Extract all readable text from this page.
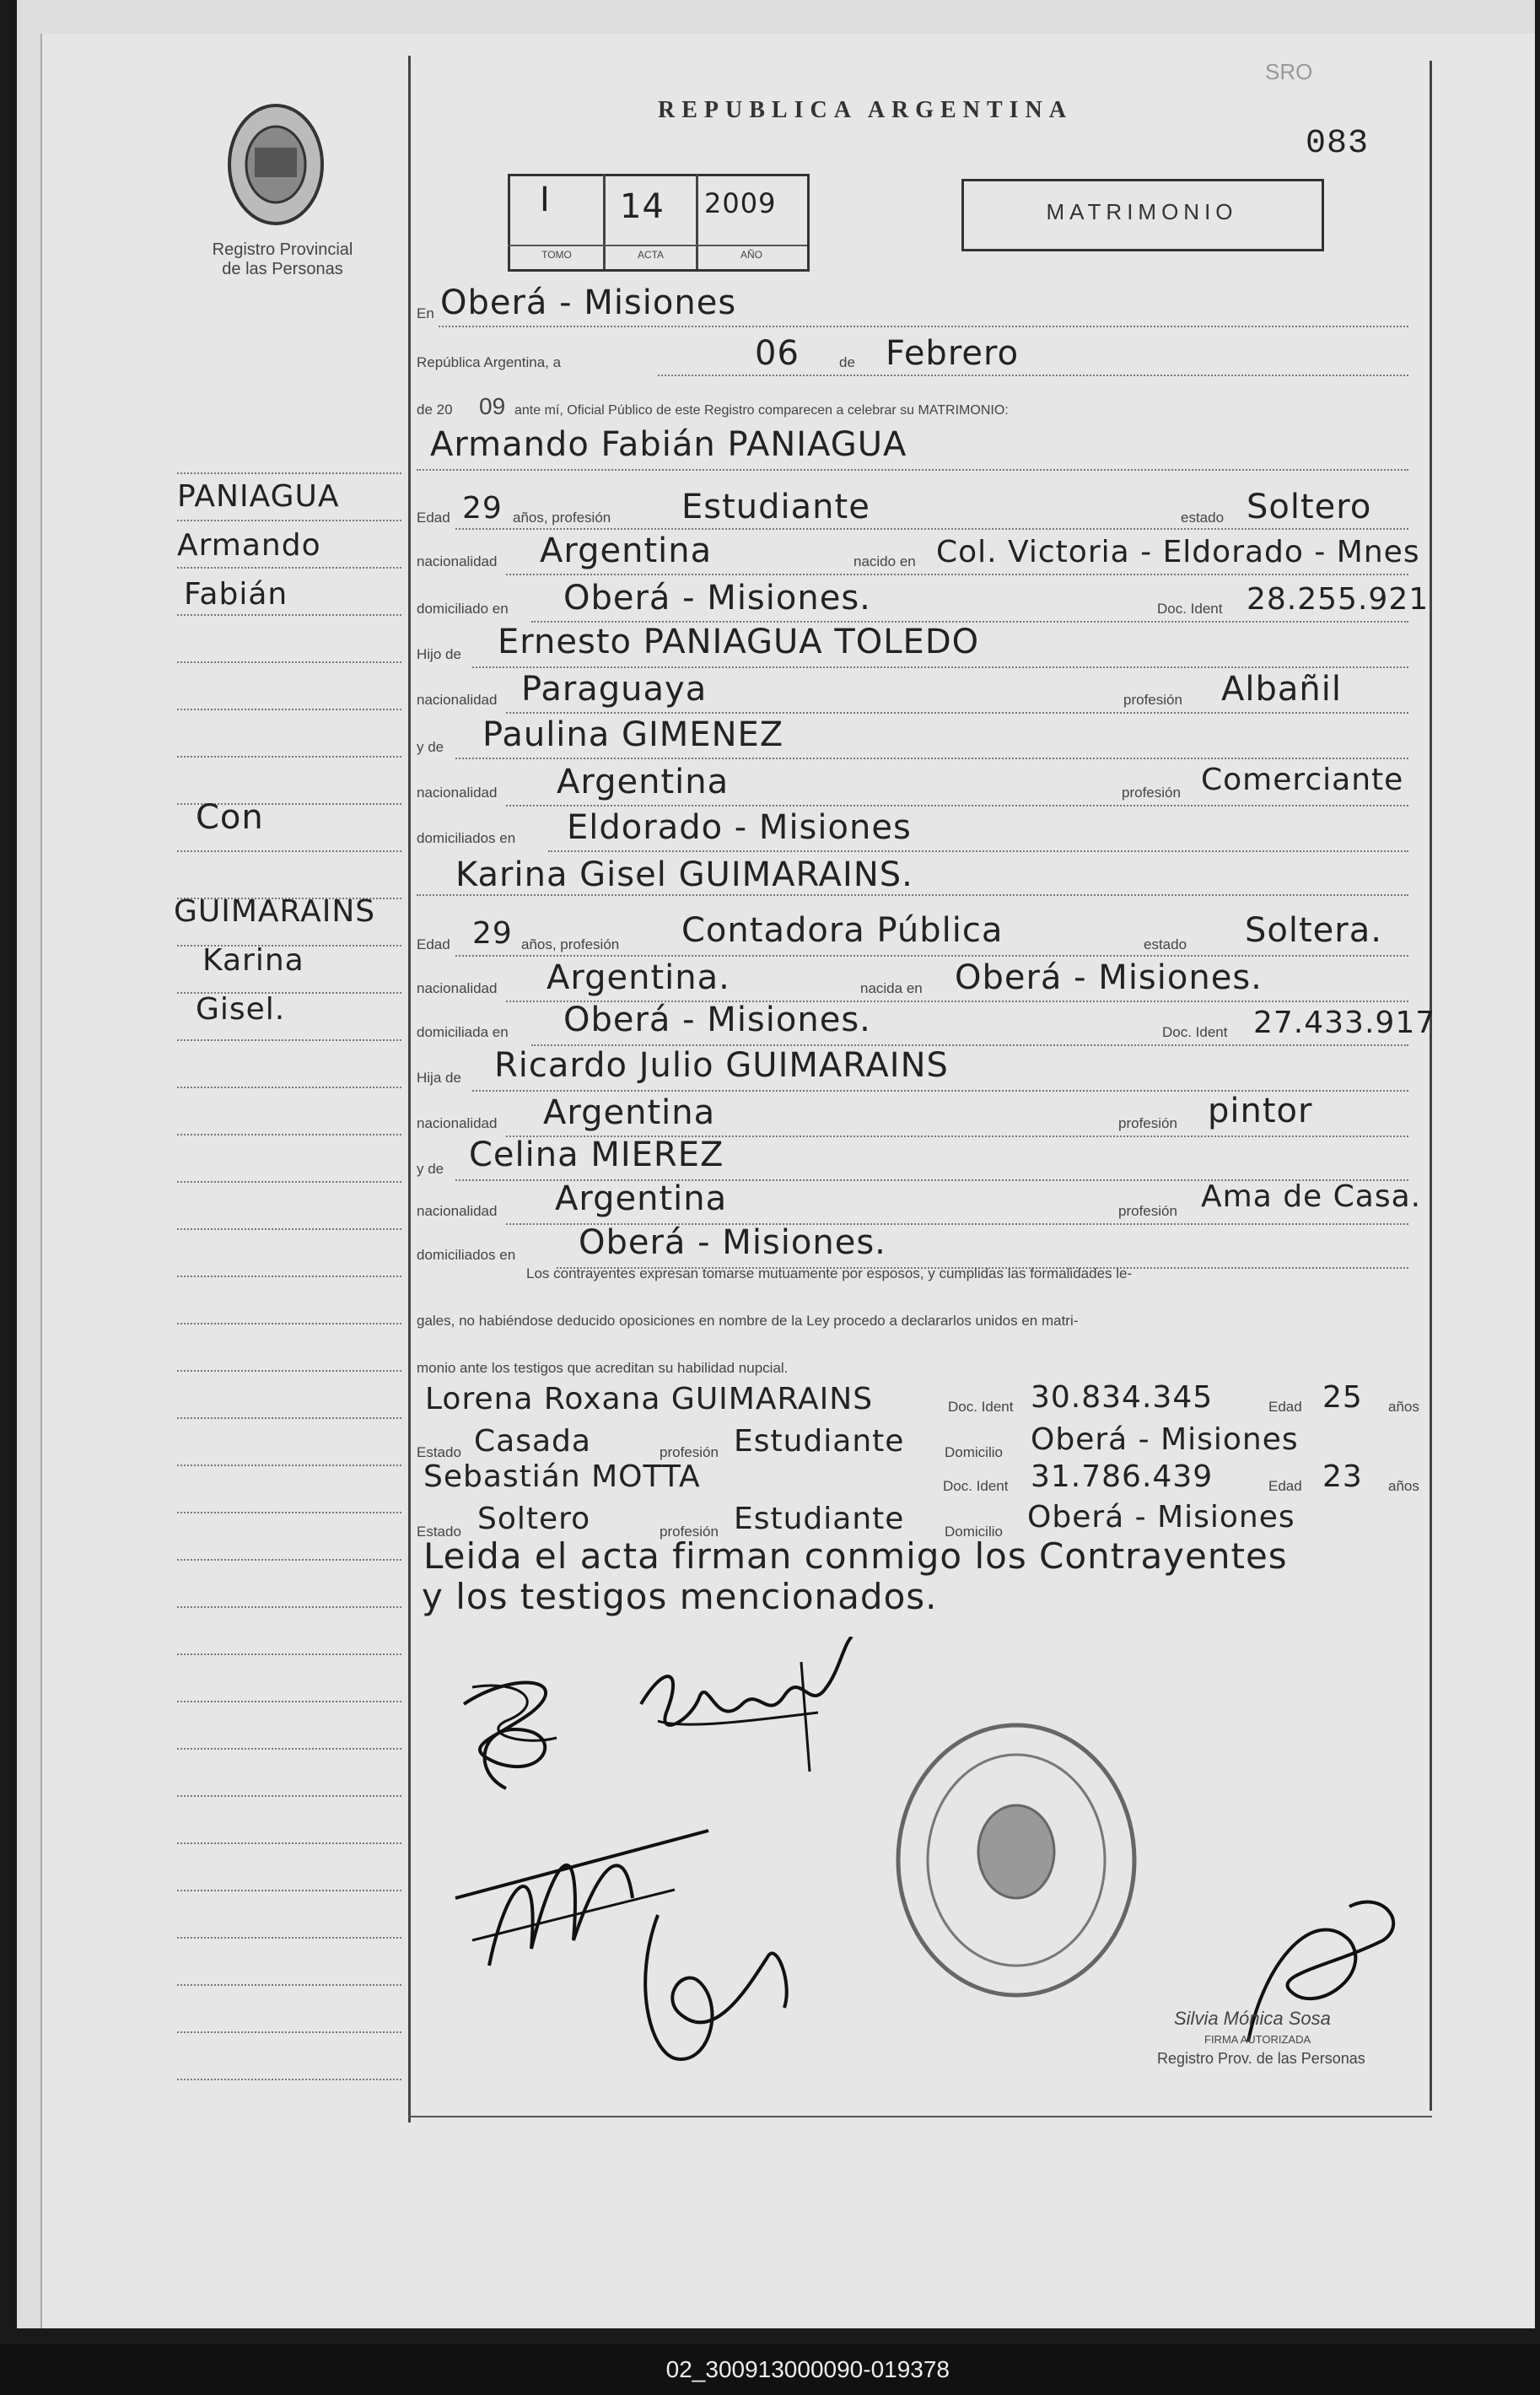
Registro Provincial
de las Personas
REPUBLICA ARGENTINA
SRO
083
I 14 2009
TOMO	ACTA	AÑO
MATRIMONIO
En Oberá - Misiones
República Argentina, a	06	de Febrero
de 20 09 ante mí, Oficial Público de este Registro comparecen a celebrar su MATRIMONIO:
Armando Fabián PANIAGUA
PANIAGUA
Armando
Fabián
Edad 29 años, profesión Estudiante	estado Soltero
nacionalidad Argentina	nacido en Col. Victoria - Eldorado - Mnes
domiciliado en Oberá - Misiones.	Doc. Ident 28.255.921
Hijo de Ernesto PANIAGUA TOLEDO
nacionalidad Paraguaya	profesión Albañil
y de Paulina GIMENEZ
nacionalidad Argentina	profesión Comerciante
domiciliados en Eldorado - Misiones
Con
Karina Gisel GUIMARAINS.
GUIMARAINS
Karina
Gisel.
Edad 29 años, profesión Contadora Pública	estado Soltera.
nacionalidad Argentina.	nacida en Oberá - Misiones.
domiciliada en Oberá - Misiones.	Doc. Ident 27.433.917
Hija de Ricardo Julio GUIMARAINS
nacionalidad Argentina	profesión pintor
y de Celina MIEREZ
nacionalidad Argentina	profesión Ama de Casa.
domiciliados en Oberá - Misiones.
Los contrayentes expresan tomarse mutuamente por esposos, y cumplidas las formalidades le-
gales, no habiéndose deducido oposiciones en nombre de la Ley procedo a declararlos unidos en matri-
monio ante los testigos que acreditan su habilidad nupcial.
Lorena Roxana GUIMARAINS	Doc. Ident 30.834.345	Edad 25 años
Estado Casada	profesión Estudiante	Domicilio Oberá - Misiones
Sebastián MOTTA	Doc. Ident 31.786.439	Edad 23 años
Estado Soltero	profesión Estudiante	Domicilio Oberá - Misiones
Leida el acta firman conmigo los Contrayentes
y los testigos mencionados.
Silvia Mónica Sosa
FIRMA AUTORIZADA
Registro Prov. de las Personas
02_300913000090-019378
